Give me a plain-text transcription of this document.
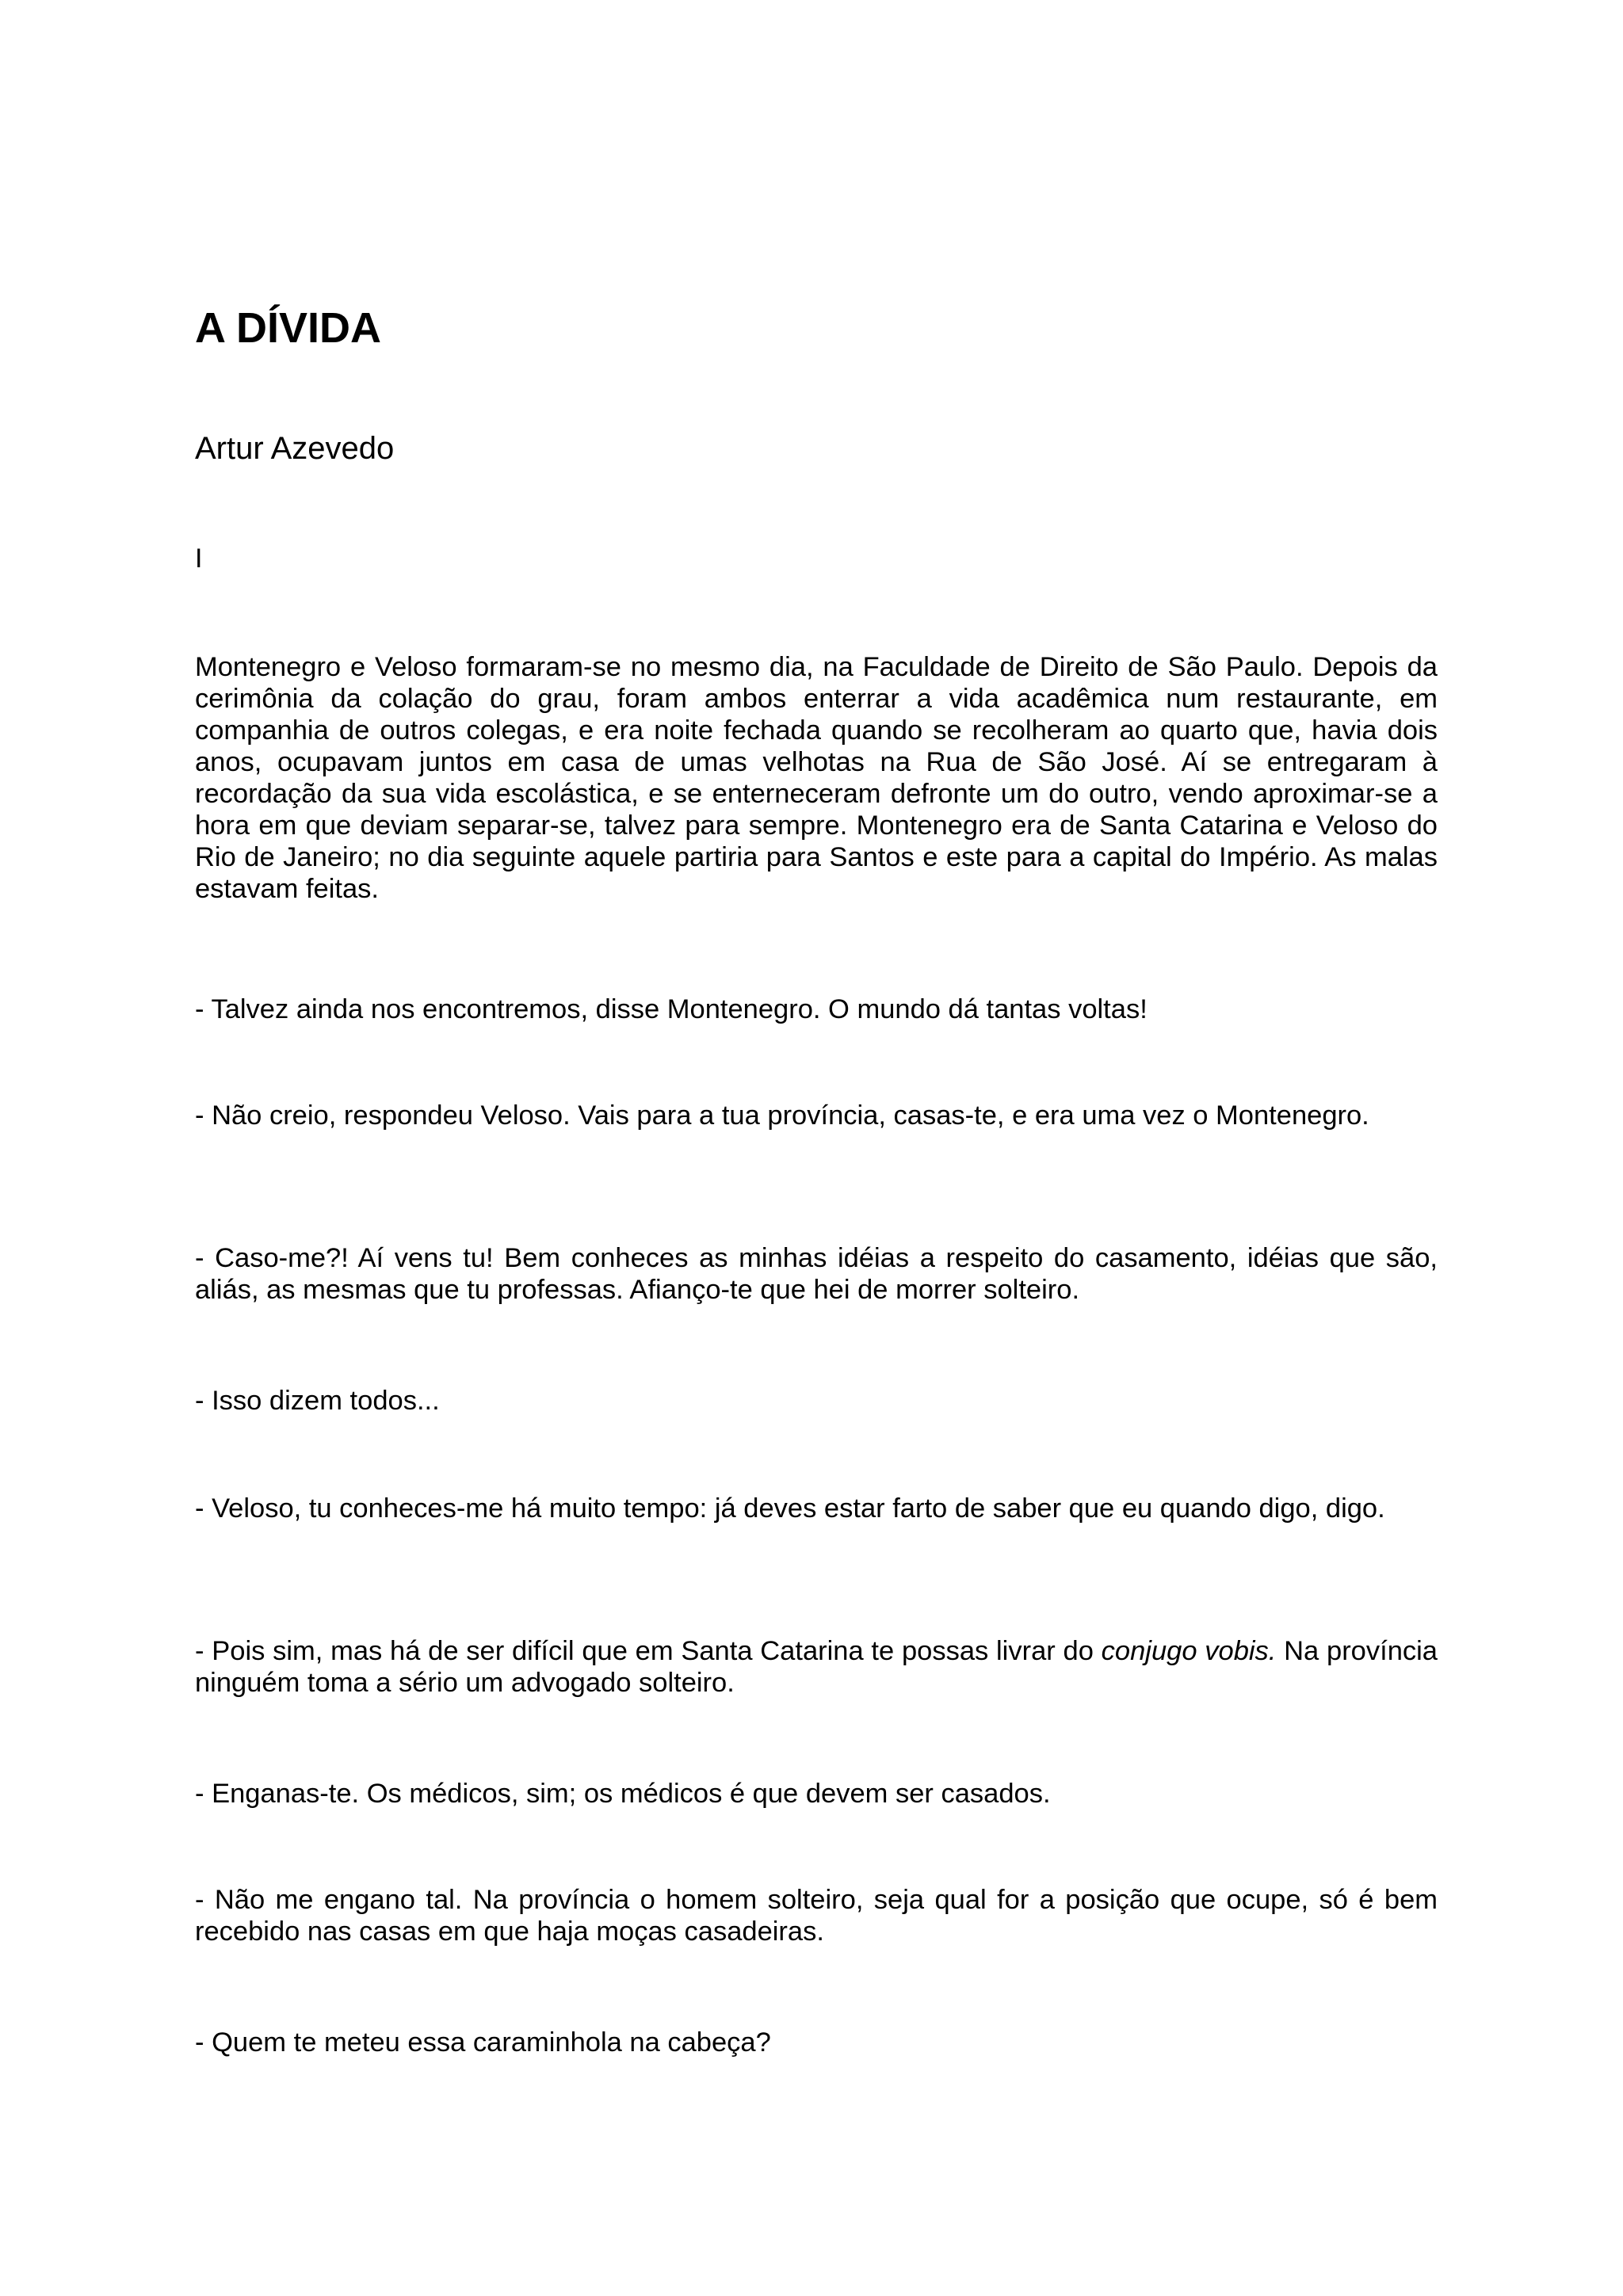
A DÍVIDA

Artur Azevedo

I

Montenegro e Veloso formaram-se no mesmo dia, na Faculdade de Direito de São Paulo. Depois da cerimônia da colação do grau, foram ambos enterrar a vida acadêmica num restaurante, em companhia de outros colegas, e era noite fechada quando se recolheram ao quarto que, havia dois anos, ocupavam juntos em casa de umas velhotas na Rua de São José. Aí se entregaram à recordação da sua vida escolástica, e se enterneceram defronte um do outro, vendo aproximar-se a hora em que deviam separar-se, talvez para sempre. Montenegro era de Santa Catarina e Veloso do Rio de Janeiro; no dia seguinte aquele partiria para Santos e este para a capital do Império. As malas estavam feitas.

- Talvez ainda nos encontremos, disse Montenegro. O mundo dá tantas voltas!

- Não creio, respondeu Veloso. Vais para a tua província, casas-te, e era uma vez o Montenegro.

- Caso-me?! Aí vens tu! Bem conheces as minhas idéias a respeito do casamento, idéias que são, aliás, as mesmas que tu professas. Afianço-te que hei de morrer solteiro.

- Isso dizem todos...

- Veloso, tu conheces-me há muito tempo: já deves estar farto de saber que eu quando digo, digo.

- Pois sim, mas há de ser difícil que em Santa Catarina te possas livrar do conjugo vobis. Na província ninguém toma a sério um advogado solteiro.

- Enganas-te. Os médicos, sim; os médicos é que devem ser casados.

- Não me engano tal. Na província o homem solteiro, seja qual for a posição que ocupe, só é bem recebido nas casas em que haja moças casadeiras.

- Quem te meteu essa caraminhola na cabeça?
